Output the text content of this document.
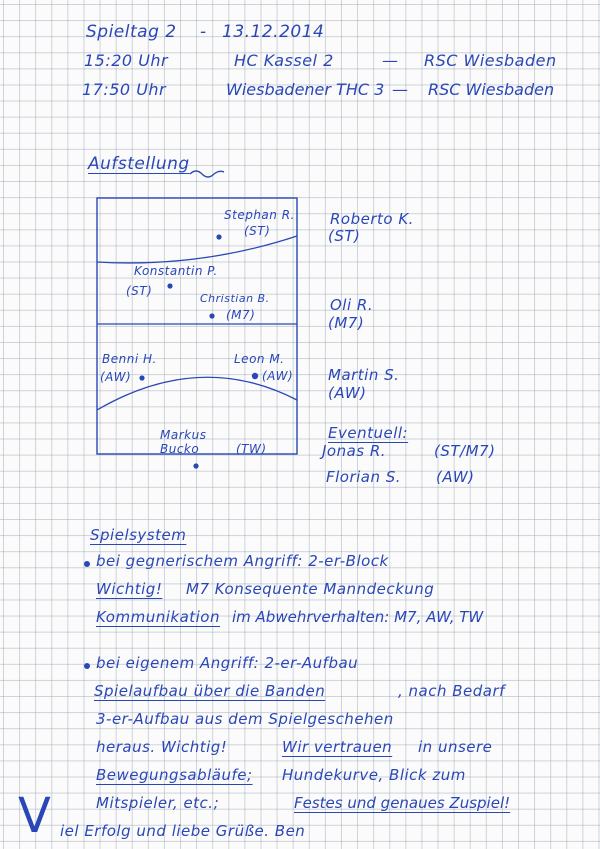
Spieltag 2 - 13.12.2014
15:20 Uhr	HC Kassel 2	— RSC Wiesbaden
17:50 Uhr	Wiesbadener THC 3 — RSC Wiesbaden
Aufstellung
Stephan R.
(ST)
Konstantin P.
(ST)
Christian B.
(M7)
Benni H.
(AW)
Leon M.
(AW)
Markus Bucko	(TW)
Roberto K.
(ST)
Oli R.
(M7)
Martin S.
(AW)
Eventuell:
Jonas R.	(ST/M7)
Florian S. (AW)
Spielsystem
bei gegnerischem Angriff: 2-er-Block
Wichtig! M7 Konsequente Manndeckung
Kommunikation im Abwehrverhalten: M7, AW, TW
bei eigenem Angriff: 2-er-Aufbau
Spielaufbau über die Banden	, nach Bedarf
3-er-Aufbau aus dem Spielgeschehen
heraus. Wichtig!	Wir vertrauen in unsere
Bewegungsabläufe; Hundekurve, Blick zum
Mitspieler, etc.;	Festes und genaues Zuspiel!
V iel Erfolg und liebe Grüße. Ben
